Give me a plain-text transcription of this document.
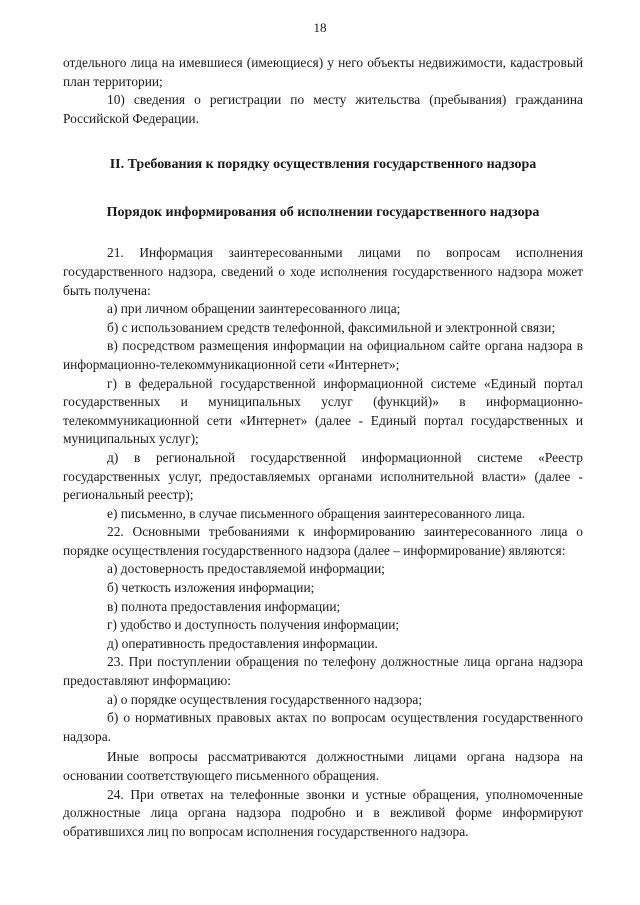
18

отдельного лица на имевшиеся (имеющиеся) у него объекты недвижимости, кадастровый план территории;

10) сведения о регистрации по месту жительства (пребывания) гражданина Российской Федерации.

II. Требования к порядку осуществления государственного надзора
Порядок информирования об исполнении государственного надзора

21. Информация заинтересованными лицами по вопросам исполнения государственного надзора, сведений о ходе исполнения государственного надзора может быть получена:

а) при личном обращении заинтересованного лица;
б) с использованием средств телефонной, факсимильной и электронной связи;
в) посредством размещения информации на официальном сайте органа надзора в информационно-телекоммуникационной сети «Интернет»;
г) в федеральной государственной информационной системе «Единый портал государственных и муниципальных услуг (функций)» в информационно-телекоммуникационной сети «Интернет» (далее - Единый портал государственных и муниципальных услуг);
д) в региональной государственной информационной системе «Реестр государственных услуг, предоставляемых органами исполнительной власти» (далее - региональный реестр);
е) письменно, в случае письменного обращения заинтересованного лица.

22. Основными требованиями к информированию заинтересованного лица о порядке осуществления государственного надзора (далее – информирование) являются:

а) достоверность предоставляемой информации;
б) четкость изложения информации;
в) полнота предоставления информации;
г) удобство и доступность получения информации;
д) оперативность предоставления информации.

23. При поступлении обращения по телефону должностные лица органа надзора предоставляют информацию:

а) о порядке осуществления государственного надзора;
б) о нормативных правовых актах по вопросам осуществления государственного надзора.

Иные вопросы рассматриваются должностными лицами органа надзора на основании соответствующего письменного обращения.

24. При ответах на телефонные звонки и устные обращения, уполномоченные должностные лица органа надзора подробно и в вежливой форме информируют обратившихся лиц по вопросам исполнения государственного надзора.
